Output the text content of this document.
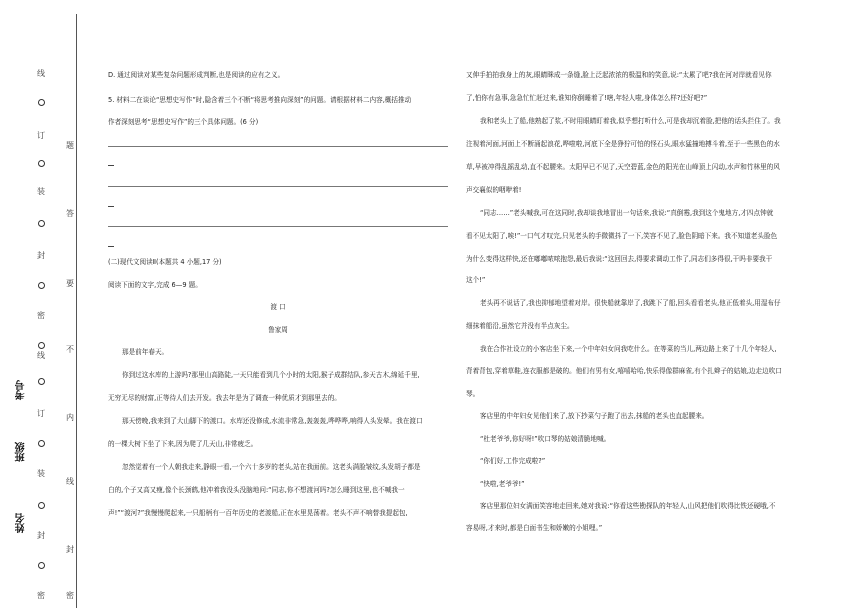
线
订
装
封
密
线
订
装
封
密
题
答
要
不
内
线
封
密
考号
班级
姓名

D. 通过阅读对某些复杂问题形成判断,也是阅读的应有之义。

5. 材料二在谈论“思想史写作”时,隐含着三个不断“将思考推向深刻”的问题。请根据材料二内容,概括推动

作者深刻思考“思想史写作”的三个具体问题。(6 分)

(二)现代文阅读Ⅱ(本题共 4 小题,17 分)

阅读下面的文字,完成 6—9 题。

渡 口
鲁家周

那是前年春天。

你到过这水库的上游吗?那里山高路陡,一天只能看到几个小时的太阳,猴子成群结队,参天古木,绵延千里,

无穷无尽的财富,正等待人们去开发。我去年是为了调查一种优质才到那里去的。

那天傍晚,我来到了大山脚下的渡口。水库还没修成,水流非常急,轰轰轰,哗哗哗,响得人头发晕。我在渡口

的一棵大树下坐了下来,因为爬了几天山,非常疲乏。

忽然觉着有一个人朝我走来,静眼一看,一个六十多岁的老头,站在我面前。这老头满脸皱纹,头发胡子都是

白的,个子又高又瘦,像个长颈鹤,他冲着我没头没脑地问:“同志,你不想渡河吗?怎么睡到这里,也不喊我一

声!”“渡河?”我慢慢爬起来,一只船柄有一百年历史的老渡船,正在水里晃荡着。老头不声不响替我提起包,

又伸手拍拍我身上的灰,眼睛眯成一条缝,脸上泛起浓浓的极温和的笑意,说:“太累了吧?我在河对岸就看见你

了,怕你有急事,急急忙忙赶过来,谁知你倒睡着了!嗐,年轻人啦,身体怎么样?还好吧?”

我和老头上了船,他熟起了浆,不时用眼睛盯着我,似乎想打听什么,可是我却沉着脸,把他的话头拦住了。我

注视着河面,河面上不断涌起浪花,哗啦啦,河底下全是狰狞可怕的怪石头,眼水猛撞地搏斗着,至于一些黑色的水

草,早被冲得乱摇乱动,直不起腰来。太阳早已不见了,天空碧蓝,金色的阳光在山峰顶上闪动,水声和竹林里的风

声交襄似的咽咿着!

“同志……”老头喊我,可在这同时,我却谈我地冒出一句话来,我说:“真倒霉,我到这个鬼地方,才四点钟就

看不见太阳了,唉!”一口气才叹完,只见老头的手微微抖了一下,笑容不见了,脸色阴暗下来。我不知道老头脸色

为什么变得这样快,还在嘟嘟哝哝抱怨,最后我说:“这回回去,得要求调动工作了,同志们多得很,干吗非要我干

这个!”

老头再不说话了,我也抑郁地望着对岸。很快船就靠岸了,我跳下了船,回头看看老头,他正低着头,用湿布仔

细抹着船沿,虽然它并没有半点灰尘。

我在合作社设立的小客店坐下来,一个中年妇女问我吃什么。在等菜的当儿,两边路上来了十几个年轻人,

背着背包,穿着草鞋,连衣服都是破的。他们有男有女,嘻嘻哈哈,快乐得像群麻雀,有个扎辫子的姑娘,边走边吹口

琴。

客店里的中年妇女见他们来了,放下抄菜勺子跑了出去,抹船的老头也直起腰来。

“杜老爷爷,你好呀!”吹口琴的姑娘清脆地喊。

“你们好,工作完成啦?”

“快啦,老爷爷!”

客店里那位妇女满面笑容地走回来,她对我说:“你看这些勘探队的年轻人,山风把他们吹得比铁还硬哦,不

容易呀,才来时,都是白面书生和娇嫩的小姐哩。”
